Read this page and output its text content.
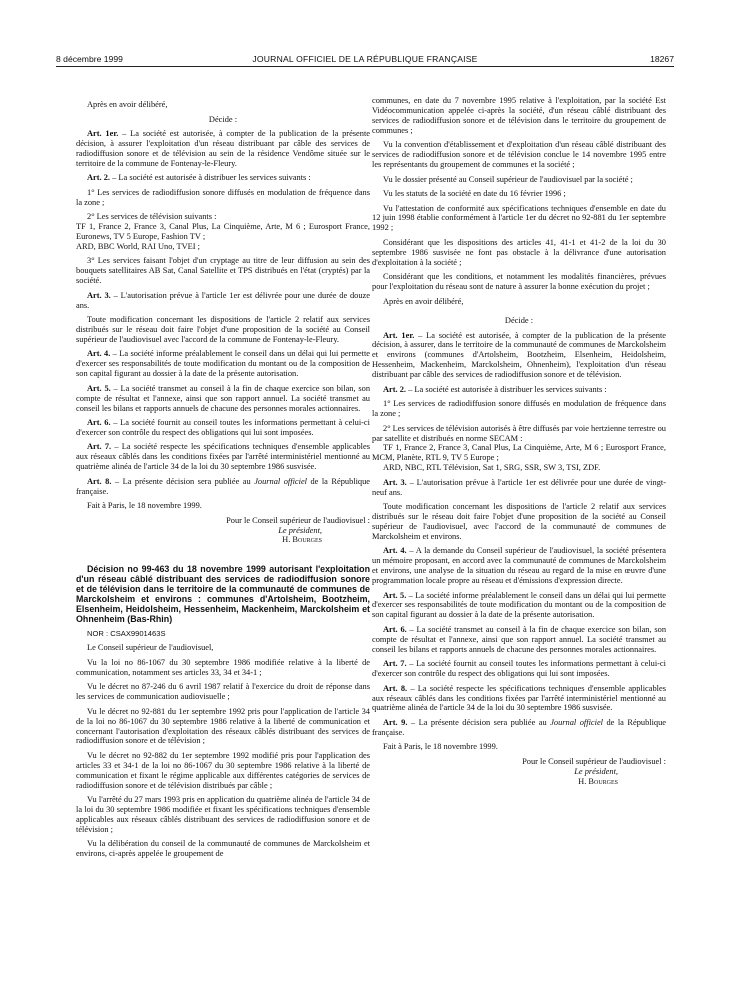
8 décembre 1999	JOURNAL OFFICIEL DE LA RÉPUBLIQUE FRANÇAISE	18267

Après en avoir délibéré,

Décide :

Art. 1er. – La société est autorisée, à compter de la publication de la présente décision, à assurer l'exploitation d'un réseau distribuant par câble des services de radiodiffusion sonore et de télévision au sein de la résidence Vendôme située sur le territoire de la commune de Fontenay-le-Fleury.

Art. 2. – La société est autorisée à distribuer les services suivants :

1° Les services de radiodiffusion sonore diffusés en modulation de fréquence dans la zone ;

2° Les services de télévision suivants :

TF 1, France 2, France 3, Canal Plus, La Cinquième, Arte, M 6 ; Eurosport France, Euronews, TV 5 Europe, Fashion TV ;

ARD, BBC World, RAI Uno, TVEI ;

3° Les services faisant l'objet d'un cryptage au titre de leur diffusion au sein des bouquets satellitaires AB Sat, Canal Satellite et TPS distribués en l'état (cryptés) par la société.

Art. 3. – L'autorisation prévue à l'article 1er est délivrée pour une durée de douze ans.

Toute modification concernant les dispositions de l'article 2 relatif aux services distribués sur le réseau doit faire l'objet d'une proposition de la société au Conseil supérieur de l'audiovisuel avec l'accord de la commune de Fontenay-le-Fleury.

Art. 4. – La société informe préalablement le conseil dans un délai qui lui permette d'exercer ses responsabilités de toute modification du montant ou de la composition de son capital figurant au dossier à la date de la présente autorisation.

Art. 5. – La société transmet au conseil à la fin de chaque exercice son bilan, son compte de résultat et l'annexe, ainsi que son rapport annuel. La société transmet au conseil les bilans et rapports annuels de chacune des personnes morales actionnaires.

Art. 6. – La société fournit au conseil toutes les informations permettant à celui-ci d'exercer son contrôle du respect des obligations qui lui sont imposées.

Art. 7. – La société respecte les spécifications techniques d'ensemble applicables aux réseaux câblés dans les conditions fixées par l'arrêté interministériel mentionné au quatrième alinéa de l'article 34 de la loi du 30 septembre 1986 susvisée.

Art. 8. – La présente décision sera publiée au Journal officiel de la République française.

Fait à Paris, le 18 novembre 1999.

Pour le Conseil supérieur de l'audiovisuel :

Le président,

H. Bourges

Décision no 99-463 du 18 novembre 1999 autorisant l'exploitation d'un réseau câblé distribuant des services de radiodiffusion sonore et de télévision dans le territoire de la communauté de communes de Marckolsheim et environs : communes d'Artolsheim, Bootzheim, Elsenheim, Heidolsheim, Hessenheim, Mackenheim, Marckolsheim et Ohnenheim (Bas-Rhin)

NOR : CSAX9901463S

Le Conseil supérieur de l'audiovisuel,

Vu la loi no 86-1067 du 30 septembre 1986 modifiée relative à la liberté de communication, notamment ses articles 33, 34 et 34-1 ;

Vu le décret no 87-246 du 6 avril 1987 relatif à l'exercice du droit de réponse dans les services de communication audiovisuelle ;

Vu le décret no 92-881 du 1er septembre 1992 pris pour l'application de l'article 34 de la loi no 86-1067 du 30 septembre 1986 relative à la liberté de communication et concernant l'autorisation d'exploitation des réseaux câblés distribuant des services de radiodiffusion sonore et de télévision ;

Vu le décret no 92-882 du 1er septembre 1992 modifié pris pour l'application des articles 33 et 34-1 de la loi no 86-1067 du 30 septembre 1986 relative à la liberté de communication et fixant le régime applicable aux différentes catégories de services de radiodiffusion sonore et de télévision distribués par câble ;

Vu l'arrêté du 27 mars 1993 pris en application du quatrième alinéa de l'article 34 de la loi du 30 septembre 1986 modifiée et fixant les spécifications techniques d'ensemble applicables aux réseaux câblés distribuant des services de radiodiffusion sonore et de télévision ;

Vu la délibération du conseil de la communauté de communes de Marckolsheim et environs, ci-après appelée le groupement de

communes, en date du 7 novembre 1995 relative à l'exploitation, par la société Est Vidéocommunication appelée ci-après la société, d'un réseau câblé distribuant des services de radiodiffusion sonore et de télévision dans le territoire du groupement de communes ;

Vu la convention d'établissement et d'exploitation d'un réseau câblé distribuant des services de radiodiffusion sonore et de télévision conclue le 14 novembre 1995 entre les représentants du groupement de communes et la société ;

Vu le dossier présenté au Conseil supérieur de l'audiovisuel par la société ;

Vu les statuts de la société en date du 16 février 1996 ;

Vu l'attestation de conformité aux spécifications techniques d'ensemble en date du 12 juin 1998 établie conformément à l'article 1er du décret no 92-881 du 1er septembre 1992 ;

Considérant que les dispositions des articles 41, 41-1 et 41-2 de la loi du 30 septembre 1986 susvisée ne font pas obstacle à la délivrance d'une autorisation d'exploitation à la société ;

Considérant que les conditions, et notamment les modalités financières, prévues pour l'exploitation du réseau sont de nature à assurer la bonne exécution du projet ;

Après en avoir délibéré,

Décide :

Art. 1er. – La société est autorisée, à compter de la publication de la présente décision, à assurer, dans le territoire de la communauté de communes de Marckolsheim et environs (communes d'Artolsheim, Bootzheim, Elsenheim, Heidolsheim, Hessenheim, Mackenheim, Marckolsheim, Ohnenheim), l'exploitation d'un réseau distribuant par câble des services de radiodiffusion sonore et de télévision.

Art. 2. – La société est autorisée à distribuer les services suivants :

1° Les services de radiodiffusion sonore diffusés en modulation de fréquence dans la zone ;

2° Les services de télévision autorisés à être diffusés par voie hertzienne terrestre ou par satellite et distribués en norme SECAM :

TF 1, France 2, France 3, Canal Plus, La Cinquième, Arte, M 6 ; Eurosport France, MCM, Planète, RTL 9, TV 5 Europe ;

ARD, NBC, RTL Télévision, Sat 1, SRG, SSR, SW 3, TSI, ZDF.

Art. 3. – L'autorisation prévue à l'article 1er est délivrée pour une durée de vingt-neuf ans.

Toute modification concernant les dispositions de l'article 2 relatif aux services distribués sur le réseau doit faire l'objet d'une proposition de la société au Conseil supérieur de l'audiovisuel, avec l'accord de la communauté de communes de Marckolsheim et environs.

Art. 4. – A la demande du Conseil supérieur de l'audiovisuel, la société présentera un mémoire proposant, en accord avec la communauté de communes de Marckolsheim et environs, une analyse de la situation du réseau au regard de la mise en œuvre d'une programmation locale propre au réseau et d'émissions d'expression directe.

Art. 5. – La société informe préalablement le conseil dans un délai qui lui permette d'exercer ses responsabilités de toute modification du montant ou de la composition de son capital figurant au dossier à la date de la présente autorisation.

Art. 6. – La société transmet au conseil à la fin de chaque exercice son bilan, son compte de résultat et l'annexe, ainsi que son rapport annuel. La société transmet au conseil les bilans et rapports annuels de chacune des personnes morales actionnaires.

Art. 7. – La société fournit au conseil toutes les informations permettant à celui-ci d'exercer son contrôle du respect des obligations qui lui sont imposées.

Art. 8. – La société respecte les spécifications techniques d'ensemble applicables aux réseaux câblés dans les conditions fixées par l'arrêté interministériel mentionné au quatrième alinéa de l'article 34 de la loi du 30 septembre 1986 susvisée.

Art. 9. – La présente décision sera publiée au Journal officiel de la République française.

Fait à Paris, le 18 novembre 1999.

Pour le Conseil supérieur de l'audiovisuel :

Le président,

H. Bourges
